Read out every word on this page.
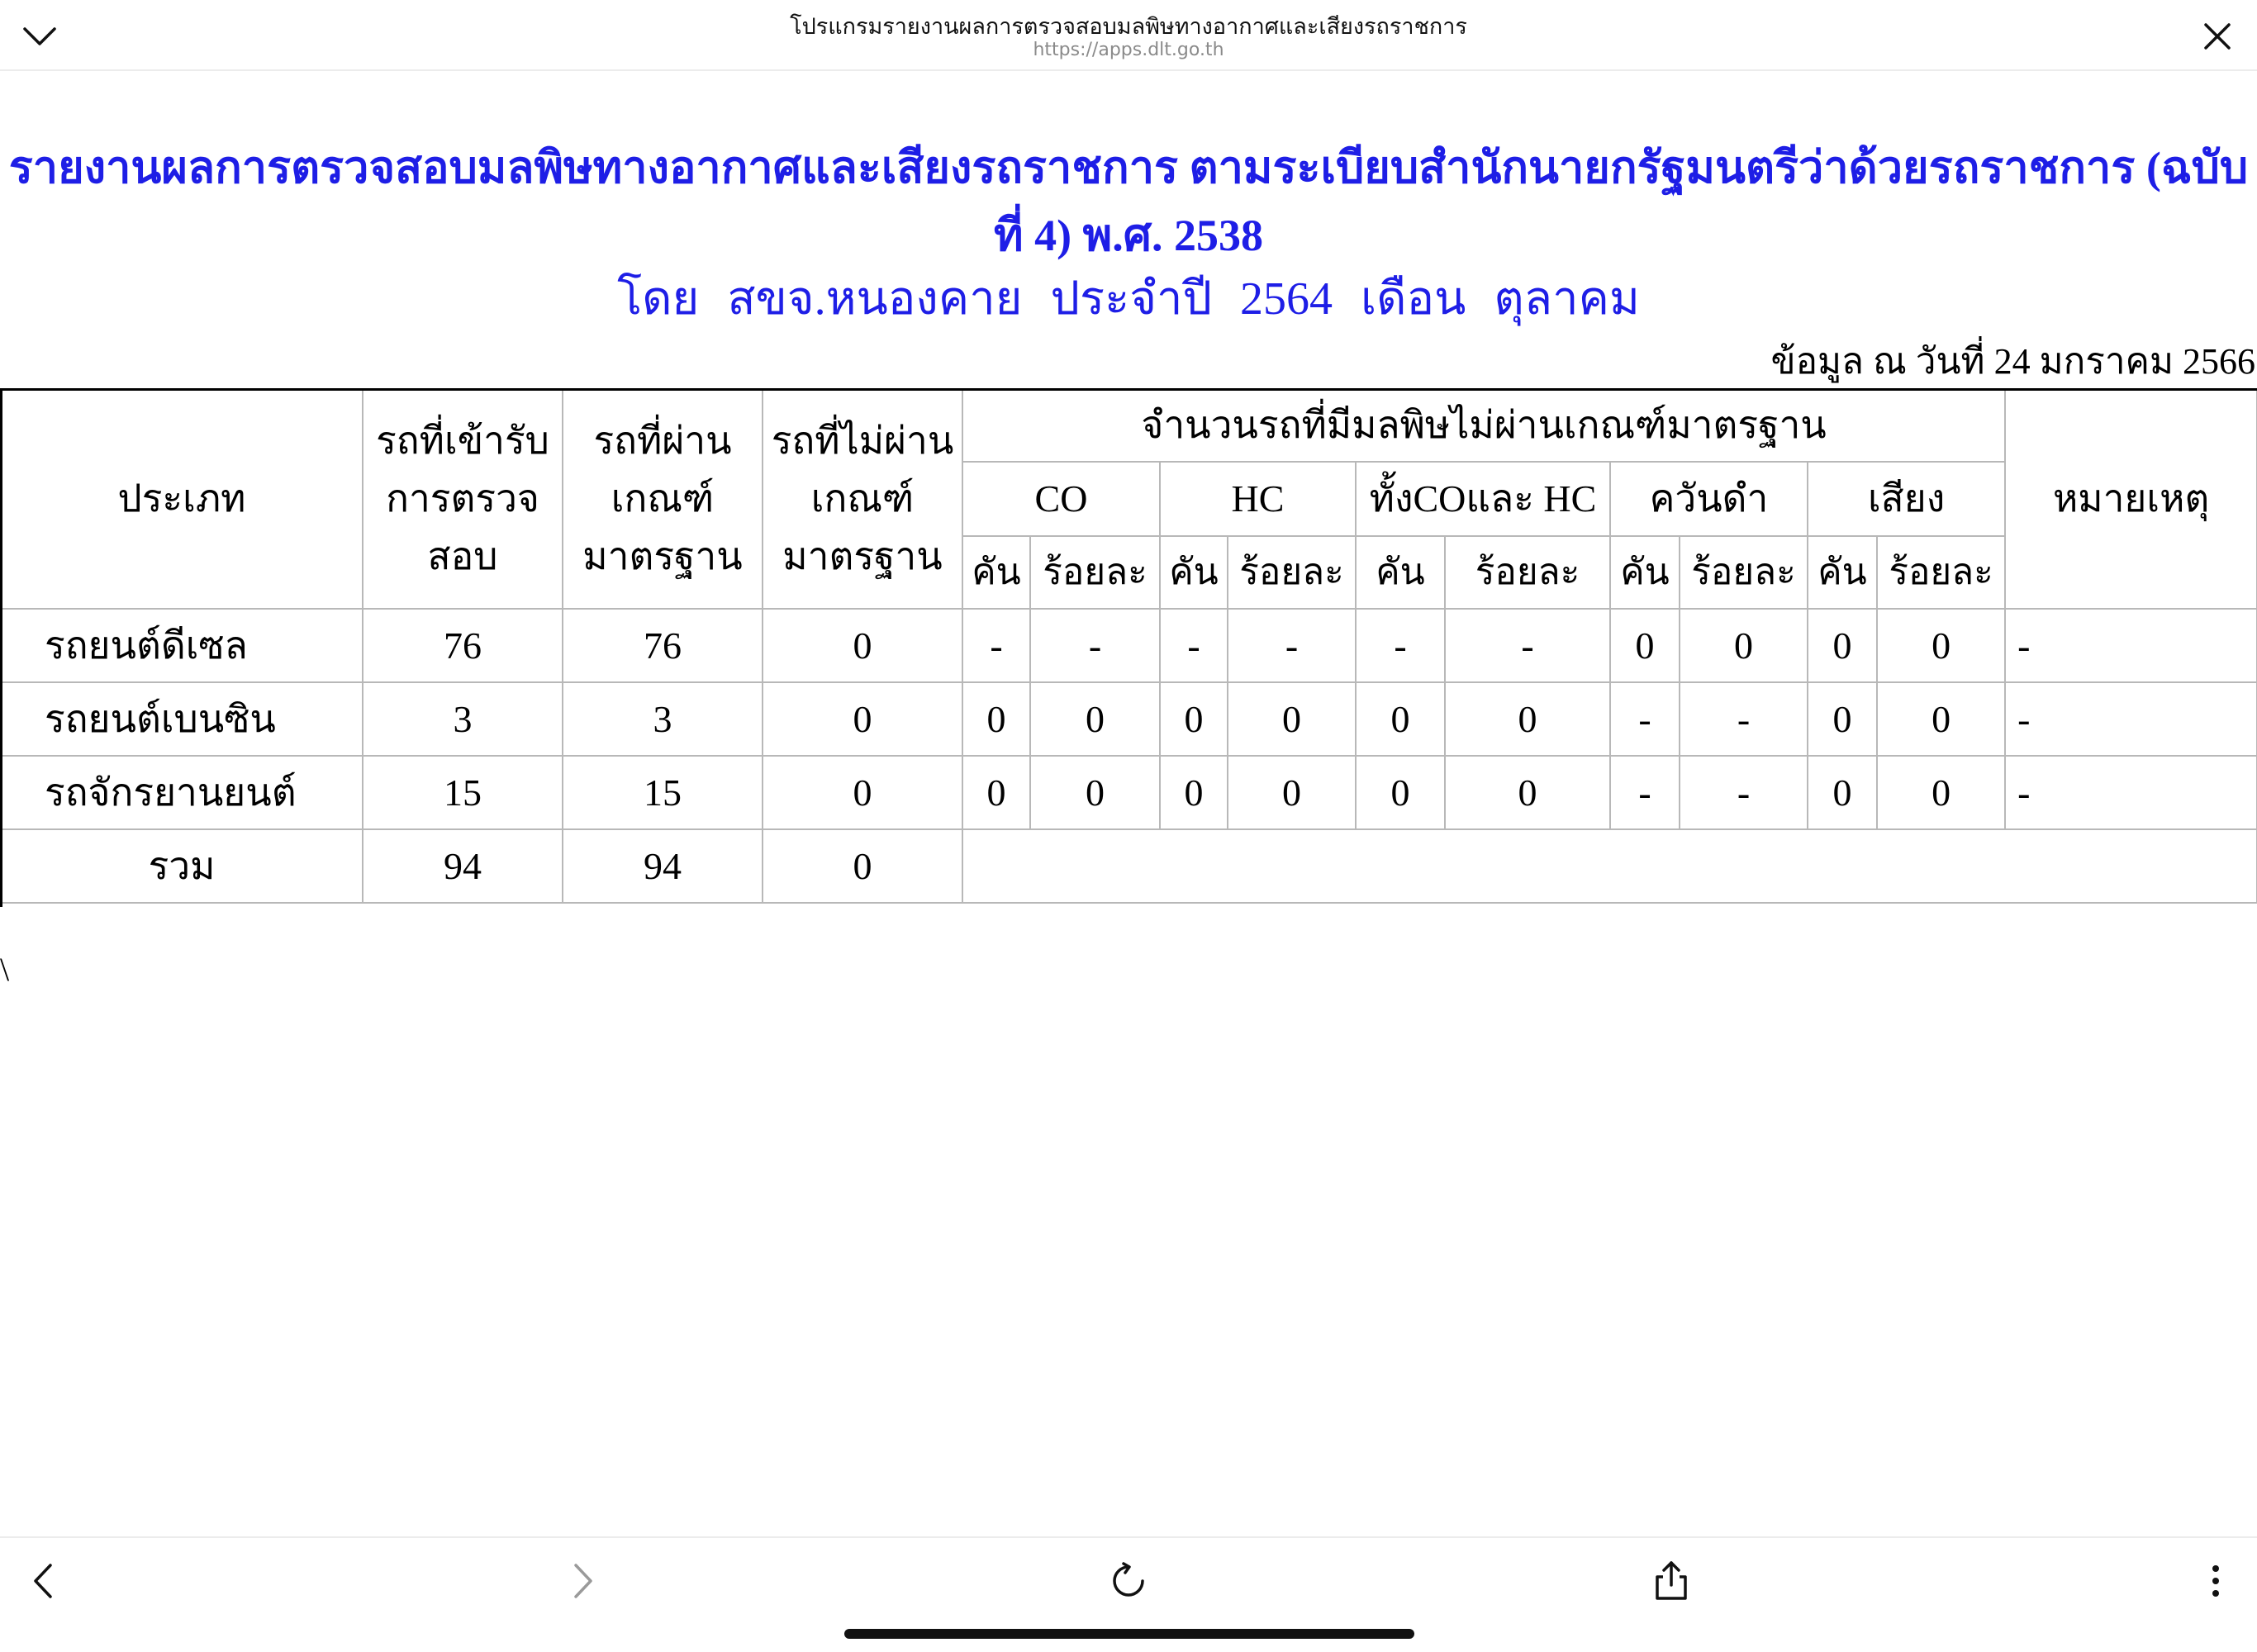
โปรแกรมรายงานผลการตรวจสอบมลพิษทางอากาศและเสียงรถราชการ
https://apps.dlt.go.th
รายงานผลการตรวจสอบมลพิษทางอากาศและเสียงรถราชการ ตามระเบียบสำนักนายกรัฐมนตรีว่าด้วยรถราชการ (ฉบับที่ 4) พ.ศ. 2538
โดย สขจ.หนองคาย ประจำปี 2564 เดือน ตุลาคม
ข้อมูล ณ วันที่ 24 มกราคม 2566
ประเภท	รถที่เข้ารับการตรวจสอบ	รถที่ผ่านเกณฑ์มาตรฐาน	รถที่ไม่ผ่านเกณฑ์มาตรฐาน	จำนวนรถที่มีมลพิษไม่ผ่านเกณฑ์มาตรฐาน										หมายเหตุ
				CO		HC		ทั้งCOและ HC		ควันดำ		เสียง		
				คัน	ร้อยละ	คัน	ร้อยละ	คัน	ร้อยละ	คัน	ร้อยละ	คัน	ร้อยละ	
รถยนต์ดีเซล	76	76	0	-	-	-	-	-	-	0	0	0	0	-
รถยนต์เบนซิน	3	3	0	0	0	0	0	0	0	-	-	0	0	-
รถจักรยานยนต์	15	15	0	0	0	0	0	0	0	-	-	0	0	-
รวม	94	94	0											
\
